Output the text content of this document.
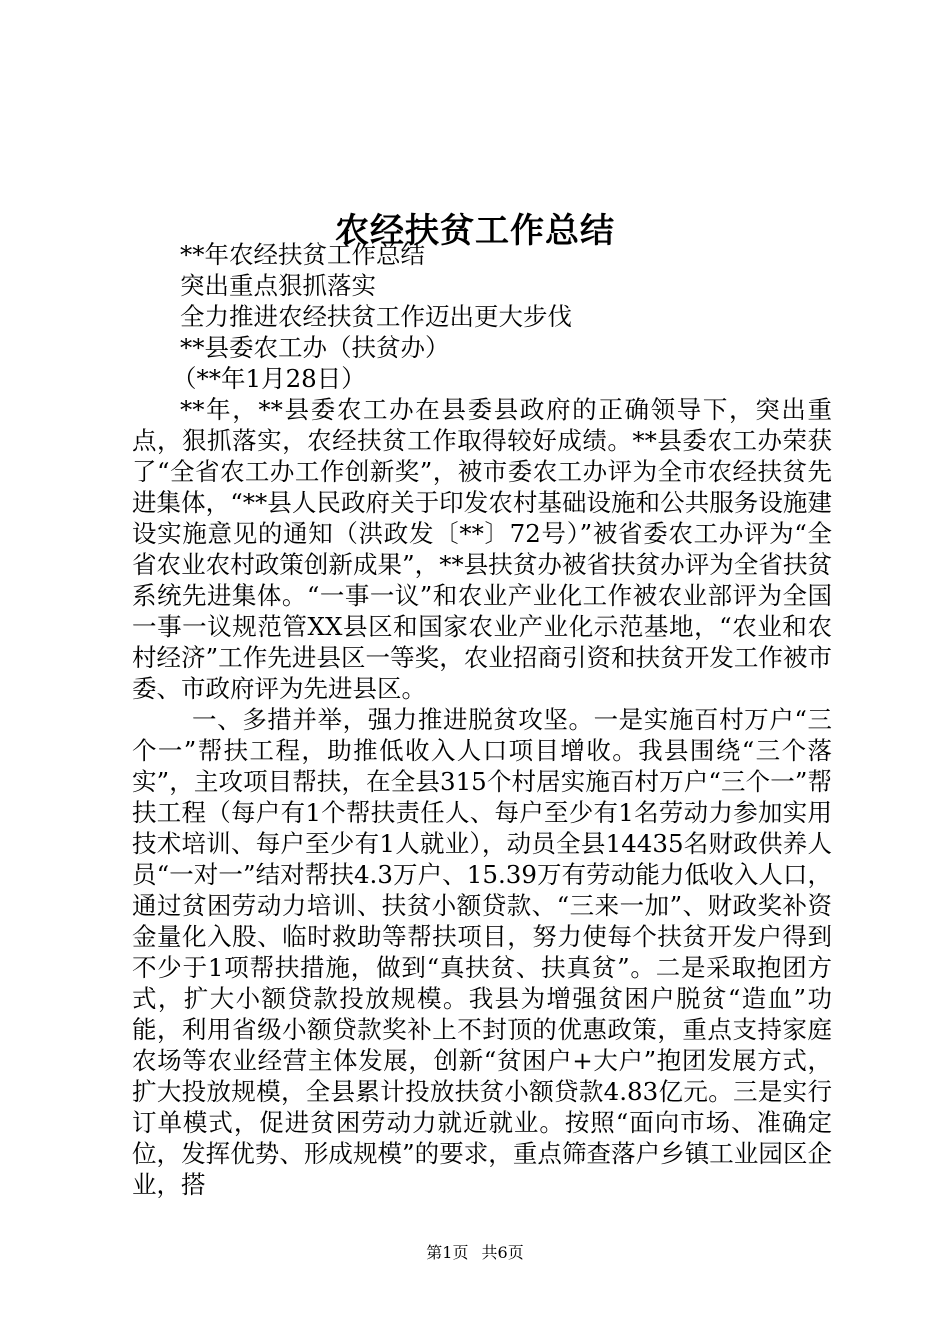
农经扶贫工作总结

**年农经扶贫工作总结

突出重点狠抓落实

全力推进农经扶贫工作迈出更大步伐

**县委农工办（扶贫办）

（**年1月28日）

**年，**县委农工办在县委县政府的正确领导下，突出重点，狠抓落实，农经扶贫工作取得较好成绩。**县委农工办荣获了“全省农工办工作创新奖”，被市委农工办评为全市农经扶贫先进集体，“**县人民政府关于印发农村基础设施和公共服务设施建设实施意见的通知（洪政发〔**〕72号）”被省委农工办评为“全省农业农村政策创新成果”，**县扶贫办被省扶贫办评为全省扶贫系统先进集体。“一事一议”和农业产业化工作被农业部评为全国一事一议规范管XX县区和国家农业产业化示范基地，“农业和农村经济”工作先进县区一等奖，农业招商引资和扶贫开发工作被市委、市政府评为先进县区。

一、多措并举，强力推进脱贫攻坚。一是实施百村万户“三个一”帮扶工程，助推低收入人口项目增收。我县围绕“三个落实”，主攻项目帮扶，在全县315个村居实施百村万户“三个一”帮扶工程（每户有1个帮扶责任人、每户至少有1名劳动力参加实用技术培训、每户至少有1人就业），动员全县14435名财政供养人员“一对一”结对帮扶4.3万户、15.39万有劳动能力低收入人口，通过贫困劳动力培训、扶贫小额贷款、“三来一加”、财政奖补资金量化入股、临时救助等帮扶项目，努力使每个扶贫开发户得到不少于1项帮扶措施，做到“真扶贫、扶真贫”。二是采取抱团方式，扩大小额贷款投放规模。我县为增强贫困户脱贫“造血”功能，利用省级小额贷款奖补上不封顶的优惠政策，重点支持家庭农场等农业经营主体发展，创新“贫困户+大户”抱团发展方式，扩大投放规模，全县累计投放扶贫小额贷款4.83亿元。三是实行订单模式，促进贫困劳动力就近就业。按照“面向市场、准确定位，发挥优势、形成规模”的要求，重点筛查落户乡镇工业园区企业，搭

第1页 共6页
